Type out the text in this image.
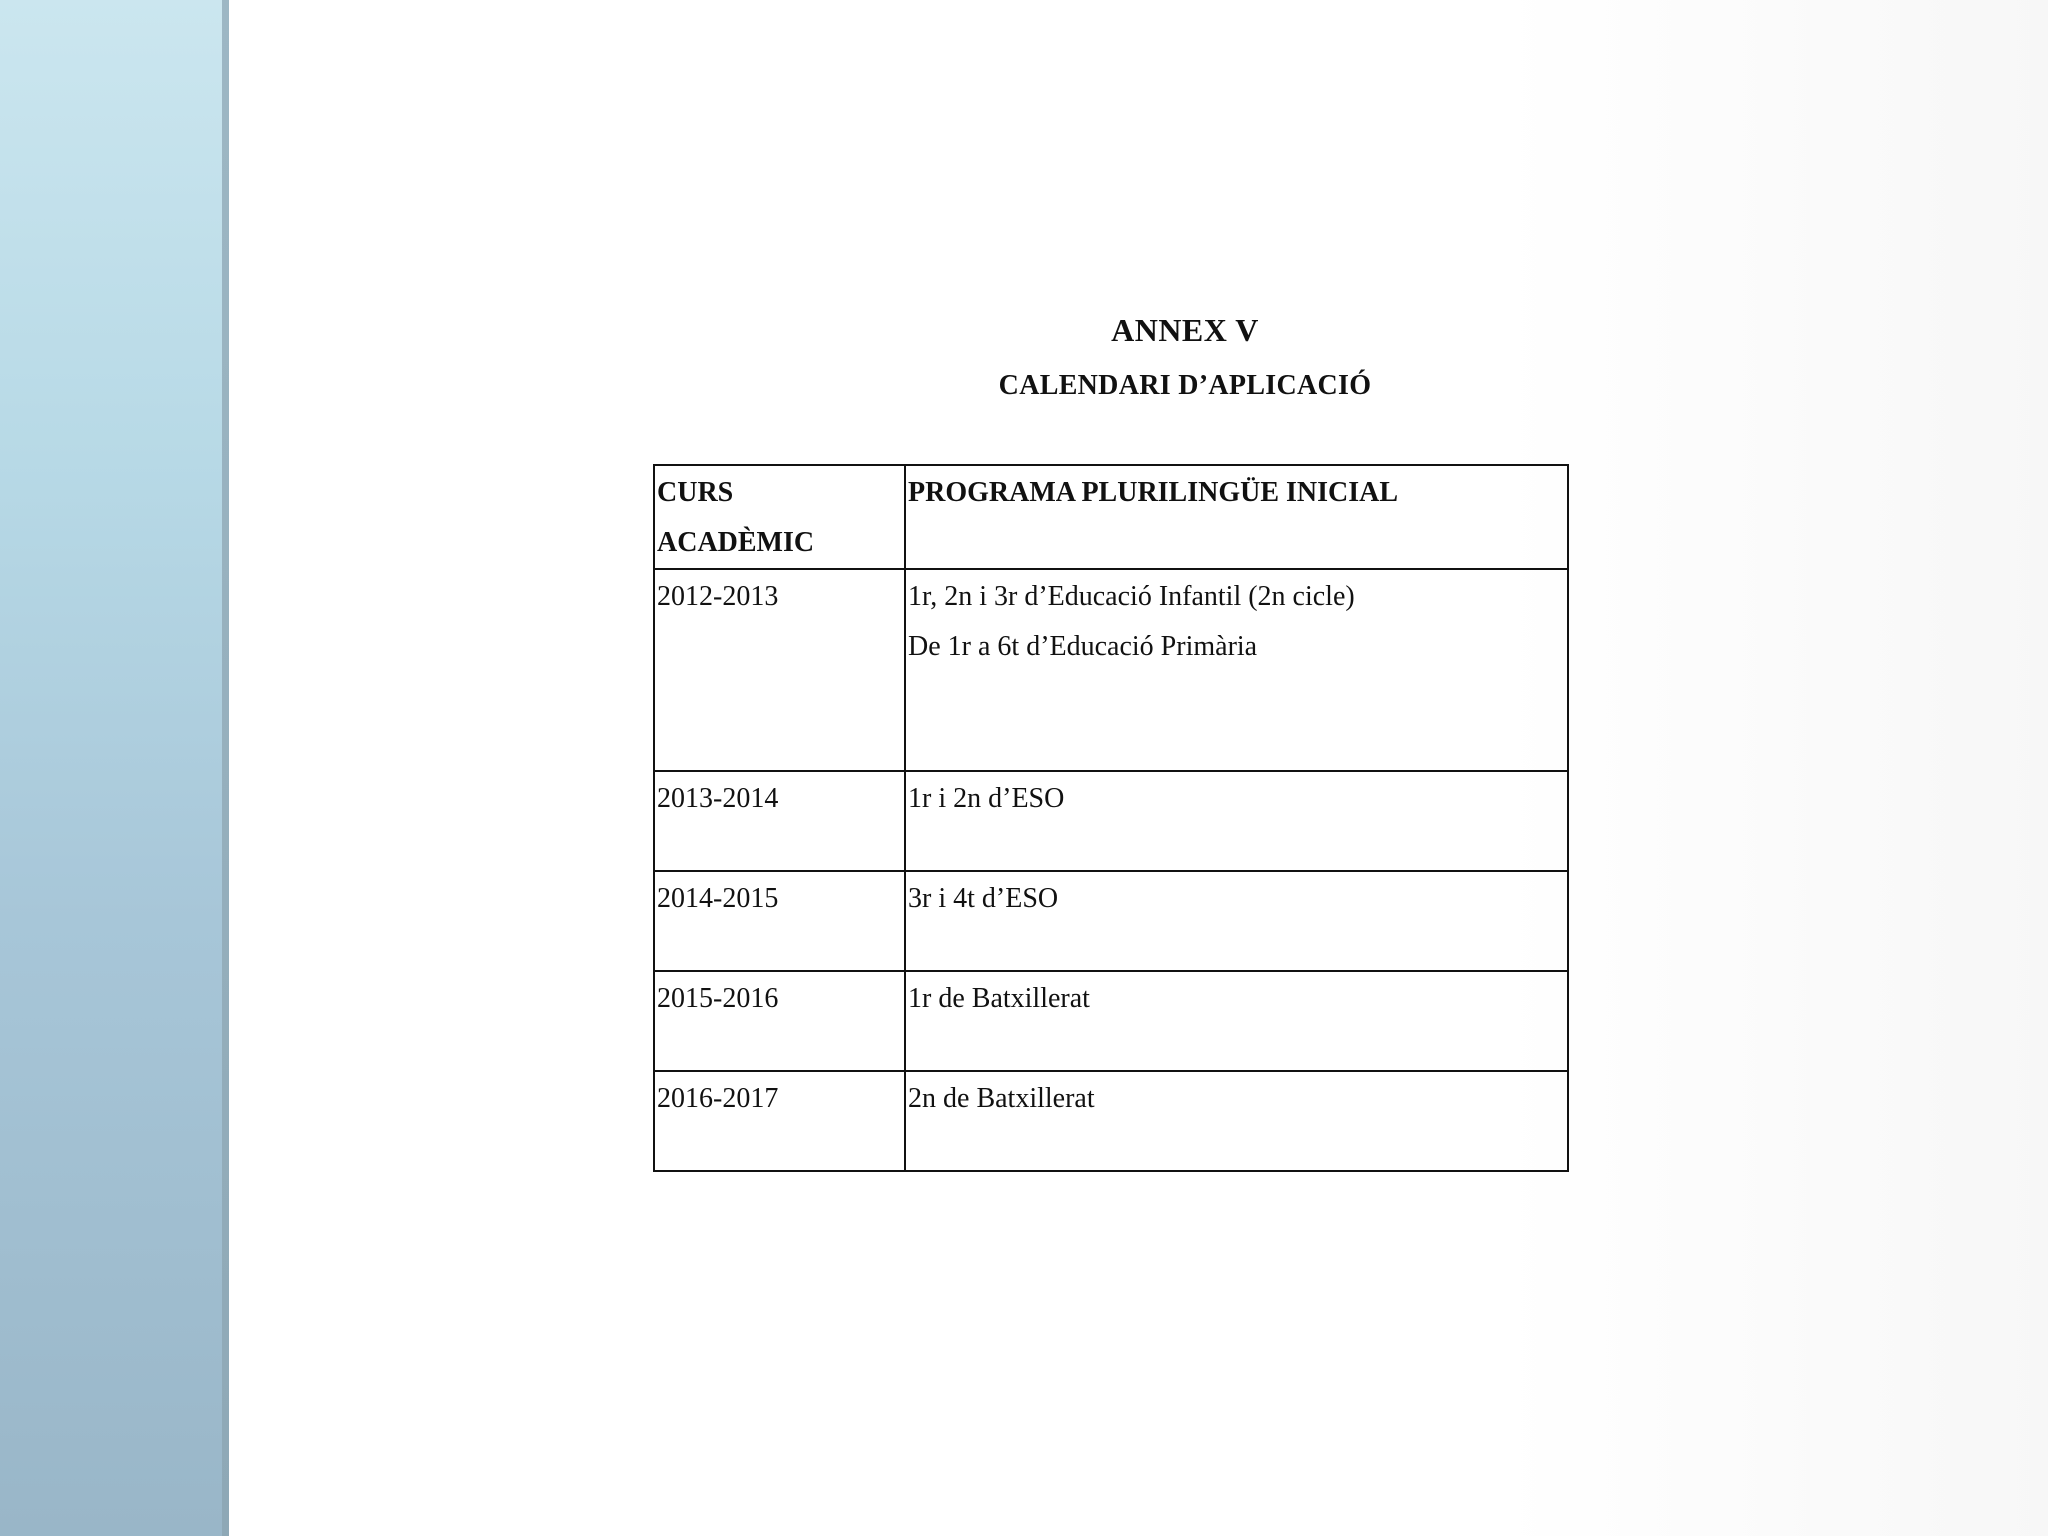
ANNEX V
CALENDARI D’APLICACIÓ
CURS
ACADÈMIC	PROGRAMA PLURILINGÜE INICIAL

2012-2013	1r, 2n i 3r d’Educació Infantil (2n cicle)
De 1r a 6t d’Educació Primària

2013-2014	1r i 2n d’ESO

2014-2015	3r i 4t d’ESO

2015-2016	1r de Batxillerat

2016-2017	2n de Batxillerat
